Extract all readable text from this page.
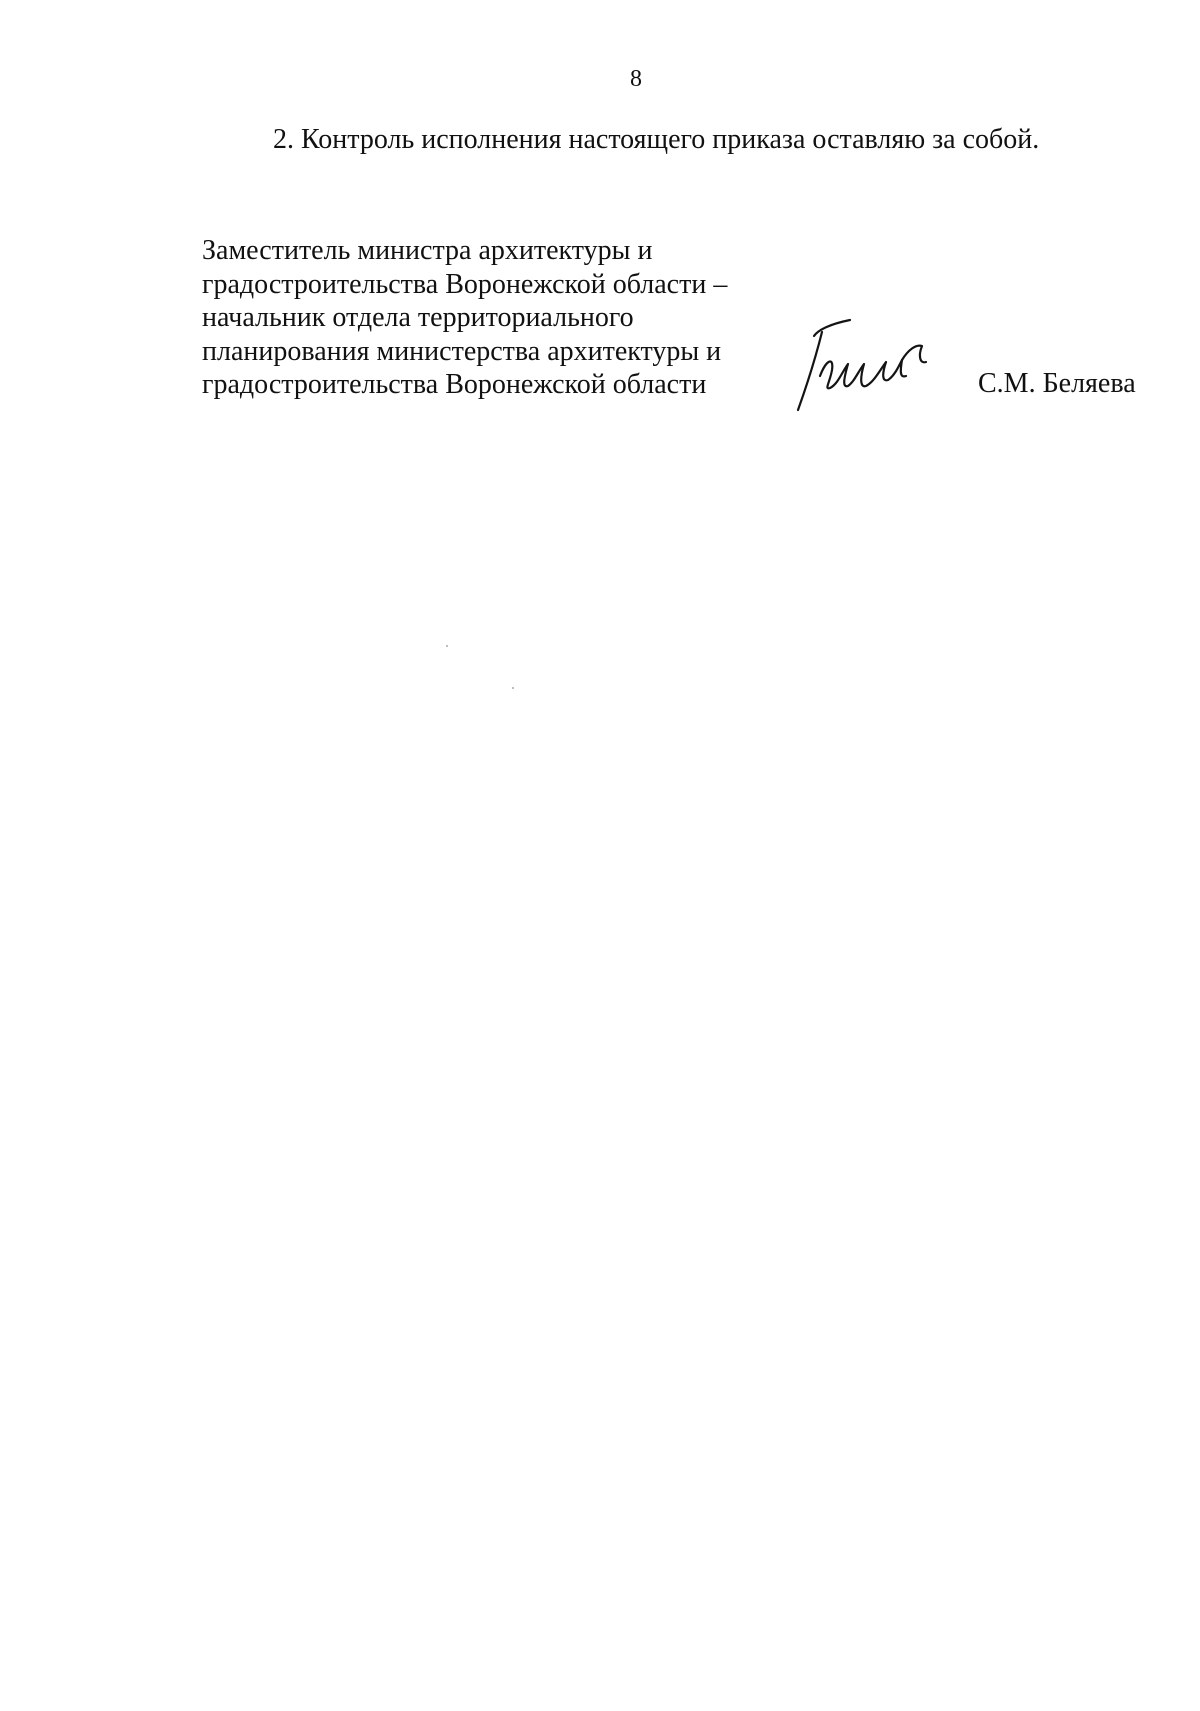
8
2. Контроль исполнения настоящего приказа оставляю за собой.
Заместитель министра архитектуры и
градостроительства Воронежской области –
начальник отдела территориального
планирования министерства архитектуры и
градостроительства Воронежской области	С.М. Беляева
